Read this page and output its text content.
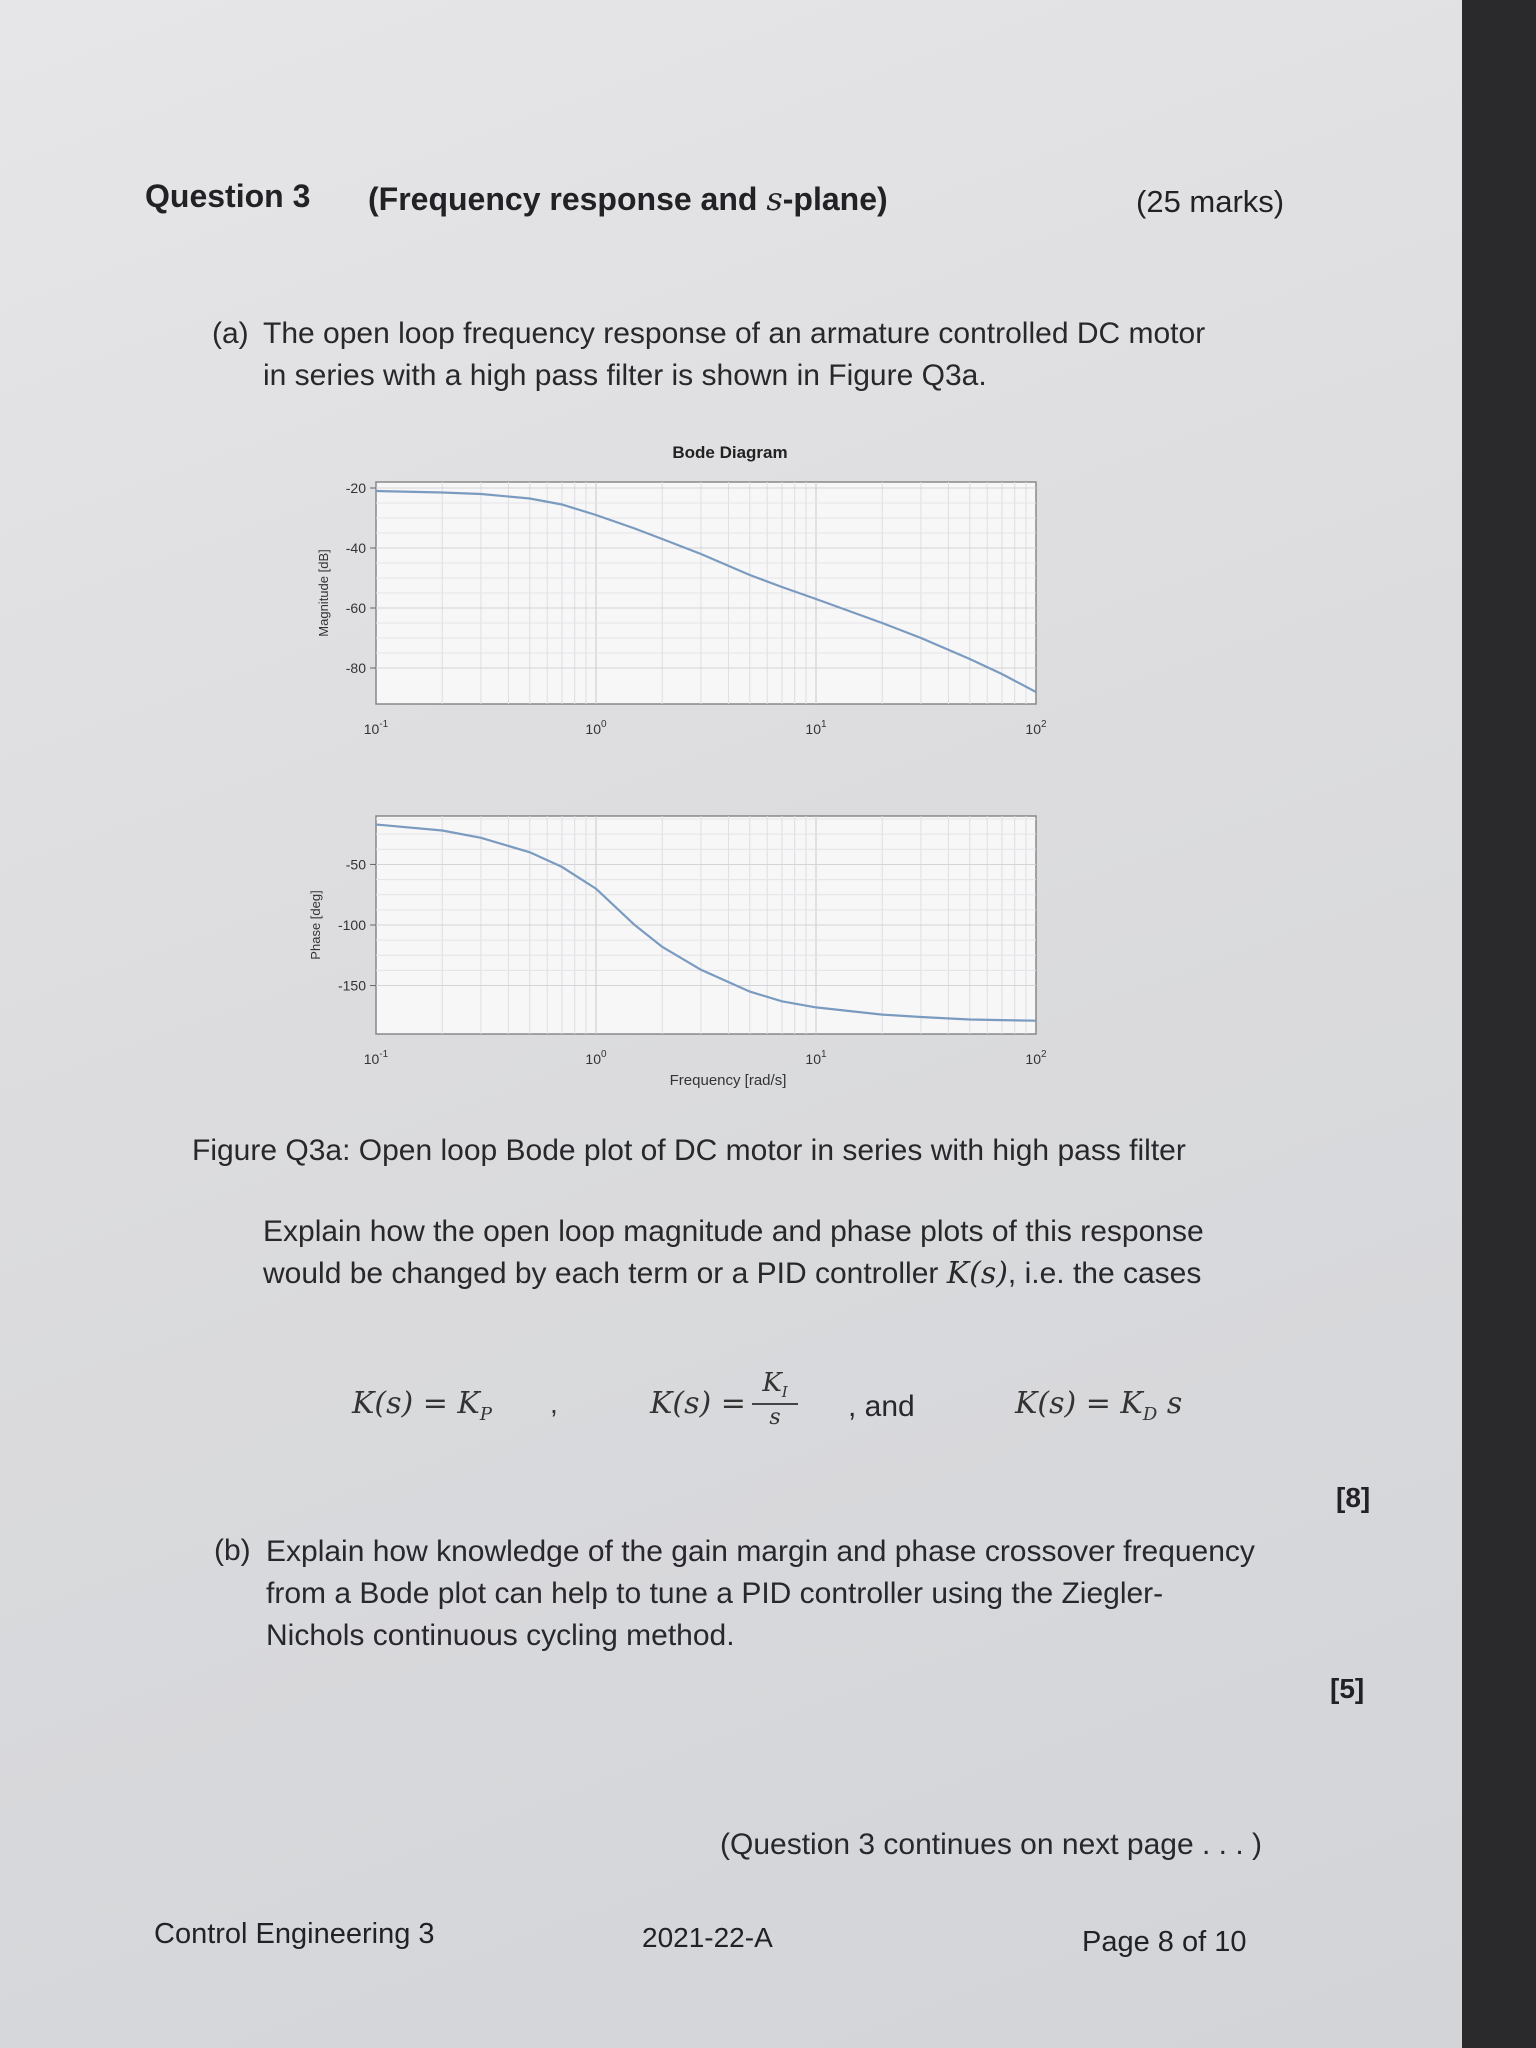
Question 3 (Frequency response and s-plane)	(25 marks)
(a) The open loop frequency response of an armature controlled DC motor
in series with a high pass filter is shown in Figure Q3a.
Bode Diagram
-20
-40
-60
-80
$10^{-1}$	$10^0$	$10^1$	$10^2$
Magnitude [dB]
-50
-100
-150
$10^{-1}$	$10^0$	$10^1$	$10^2$
Phase [deg]
Frequency [rad/s]
Figure Q3a: Open loop Bode plot of DC motor in series with high pass filter
Explain how the open loop magnitude and phase plots of this response
would be changed by each term or a PID controller K(s), i.e. the cases
$K(s) = K_P$ ,	K(s) =
$K_I$
s	, and	$K(s) = K_D$ s
[8]
(b) Explain how knowledge of the gain margin and phase crossover frequency
from a Bode plot can help to tune a PID controller using the Ziegler-
Nichols continuous cycling method.
[5]
(Question 3 continues on next page . . . )
Control Engineering 3	2021-22-A	Page 8 of 10
